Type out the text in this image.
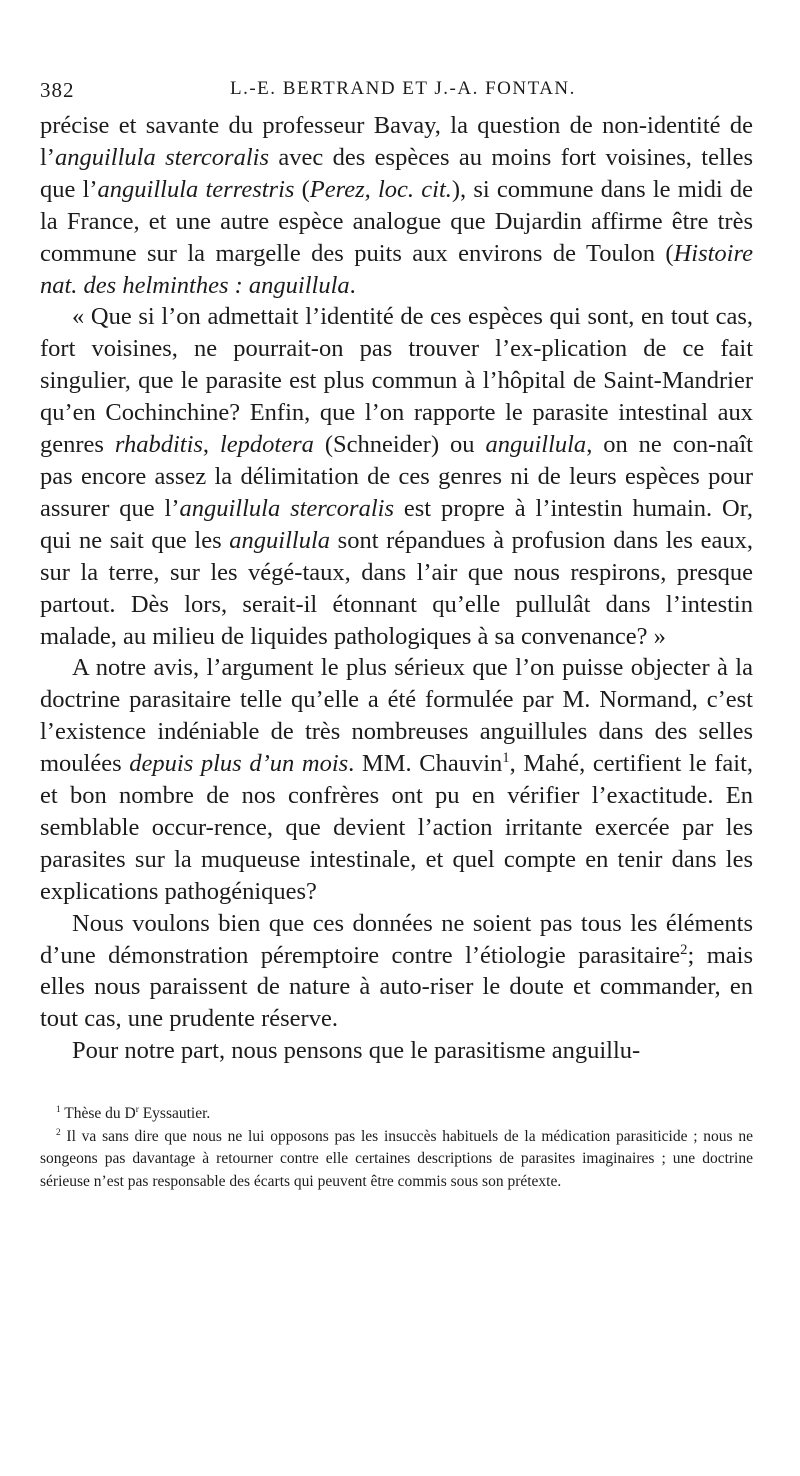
382	L.-E. BERTRAND ET J.-A. FONTAN.

précise et savante du professeur Bavay, la question de non-identité de l’anguillula stercoralis avec des espèces au moins fort voisines, telles que l’anguillula terrestris (Perez, loc. cit.), si commune dans le midi de la France, et une autre espèce analogue que Dujardin affirme être très commune sur la margelle des puits aux environs de Toulon (Histoire nat. des helminthes : anguillula.

« Que si l’on admettait l’identité de ces espèces qui sont, en tout cas, fort voisines, ne pourrait-on pas trouver l’ex-plication de ce fait singulier, que le parasite est plus commun à l’hôpital de Saint-Mandrier qu’en Cochinchine? Enfin, que l’on rapporte le parasite intestinal aux genres rhabditis, lepdotera (Schneider) ou anguillula, on ne con-naît pas encore assez la délimitation de ces genres ni de leurs espèces pour assurer que l’anguillula stercoralis est propre à l’intestin humain. Or, qui ne sait que les anguillula sont répandues à profusion dans les eaux, sur la terre, sur les végé-taux, dans l’air que nous respirons, presque partout. Dès lors, serait-il étonnant qu’elle pullulât dans l’intestin malade, au milieu de liquides pathologiques à sa convenance? »

A notre avis, l’argument le plus sérieux que l’on puisse objecter à la doctrine parasitaire telle qu’elle a été formulée par M. Normand, c’est l’existence indéniable de très nombreuses anguillules dans des selles moulées depuis plus d’un mois. MM. Chauvin$^1$, Mahé, certifient le fait, et bon nombre de nos confrères ont pu en vérifier l’exactitude. En semblable occur-rence, que devient l’action irritante exercée par les parasites sur la muqueuse intestinale, et quel compte en tenir dans les explications pathogéniques?

Nous voulons bien que ces données ne soient pas tous les éléments d’une démonstration péremptoire contre l’étiologie parasitaire$^2$; mais elles nous paraissent de nature à auto-riser le doute et commander, en tout cas, une prudente réserve.

Pour notre part, nous pensons que le parasitisme anguillu-

$^1$ Thèse du $D^r$ Eyssautier.

$^2$ Il va sans dire que nous ne lui opposons pas les insuccès habituels de la médication parasiticide ; nous ne songeons pas davantage à retourner contre elle certaines descriptions de parasites imaginaires ; une doctrine sérieuse n’est pas responsable des écarts qui peuvent être commis sous son prétexte.
